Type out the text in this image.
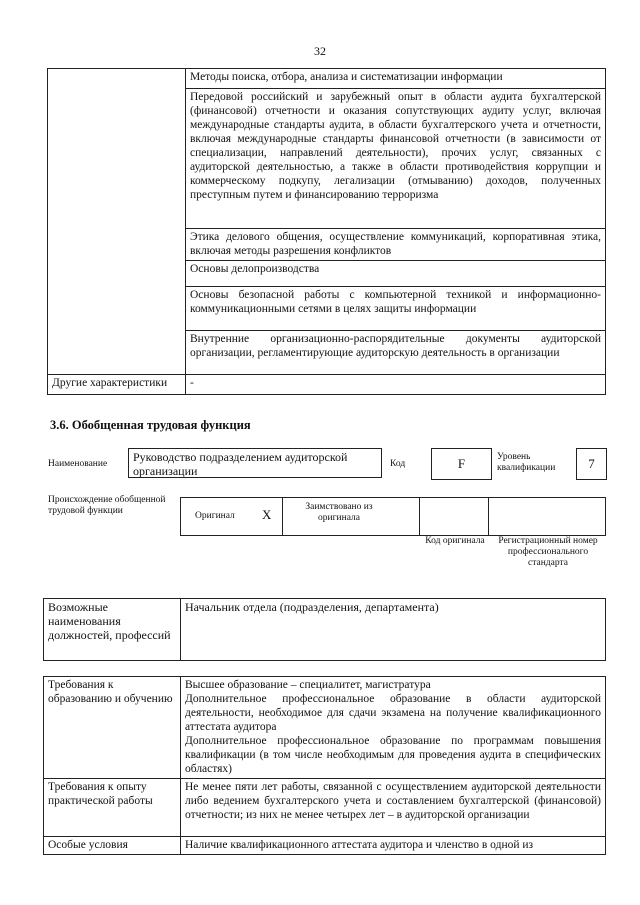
32
	Методы поиска, отбора, анализа и систематизации информации
	Передовой российский и зарубежный опыт в области аудита бухгалтерской (финансовой) отчетности и оказания сопутствующих аудиту услуг, включая международные стандарты аудита, в области бухгалтерского учета и отчетности, включая международные стандарты финансовой отчетности (в зависимости от специализации, направлений деятельности), прочих услуг, связанных с аудиторской деятельностью, а также в области противодействия коррупции и коммерческому подкупу, легализации (отмыванию) доходов, полученных преступным путем и финансированию терроризма
	Этика делового общения, осуществление коммуникаций, корпоративная этика, включая методы разрешения конфликтов
	Основы делопроизводства
	Основы безопасной работы с компьютерной техникой и информационно-коммуникационными сетями в целях защиты информации
	Внутренние организационно-распорядительные документы аудиторской организации, регламентирующие аудиторскую деятельность в организации
Другие характеристики	-
3.6. Обобщенная трудовая функция
Наименование	Руководство подразделением аудиторской организации	Код	F	Уровень квалификации	7
Происхождение обобщенной трудовой функции	Оригинал X	Заимствовано из оригинала
Код оригинала	Регистрационный номер профессионального стандарта
Возможные наименования должностей, профессий	Начальник отдела (подразделения, департамента)
Требования к образованию и обучению	Высшее образование – специалитет, магистратура
Дополнительное профессиональное образование в области аудиторской деятельности, необходимое для сдачи экзамена на получение квалификационного аттестата аудитора
Дополнительное профессиональное образование по программам повышения квалификации (в том числе необходимым для проведения аудита в специфических областях)

Требования к опыту практической работы	Не менее пяти лет работы, связанной с осуществлением аудиторской деятельности либо ведением бухгалтерского учета и составлением бухгалтерской (финансовой) отчетности; из них не менее четырех лет – в аудиторской организации
Особые условия	Наличие квалификационного аттестата аудитора и членство в одной из
